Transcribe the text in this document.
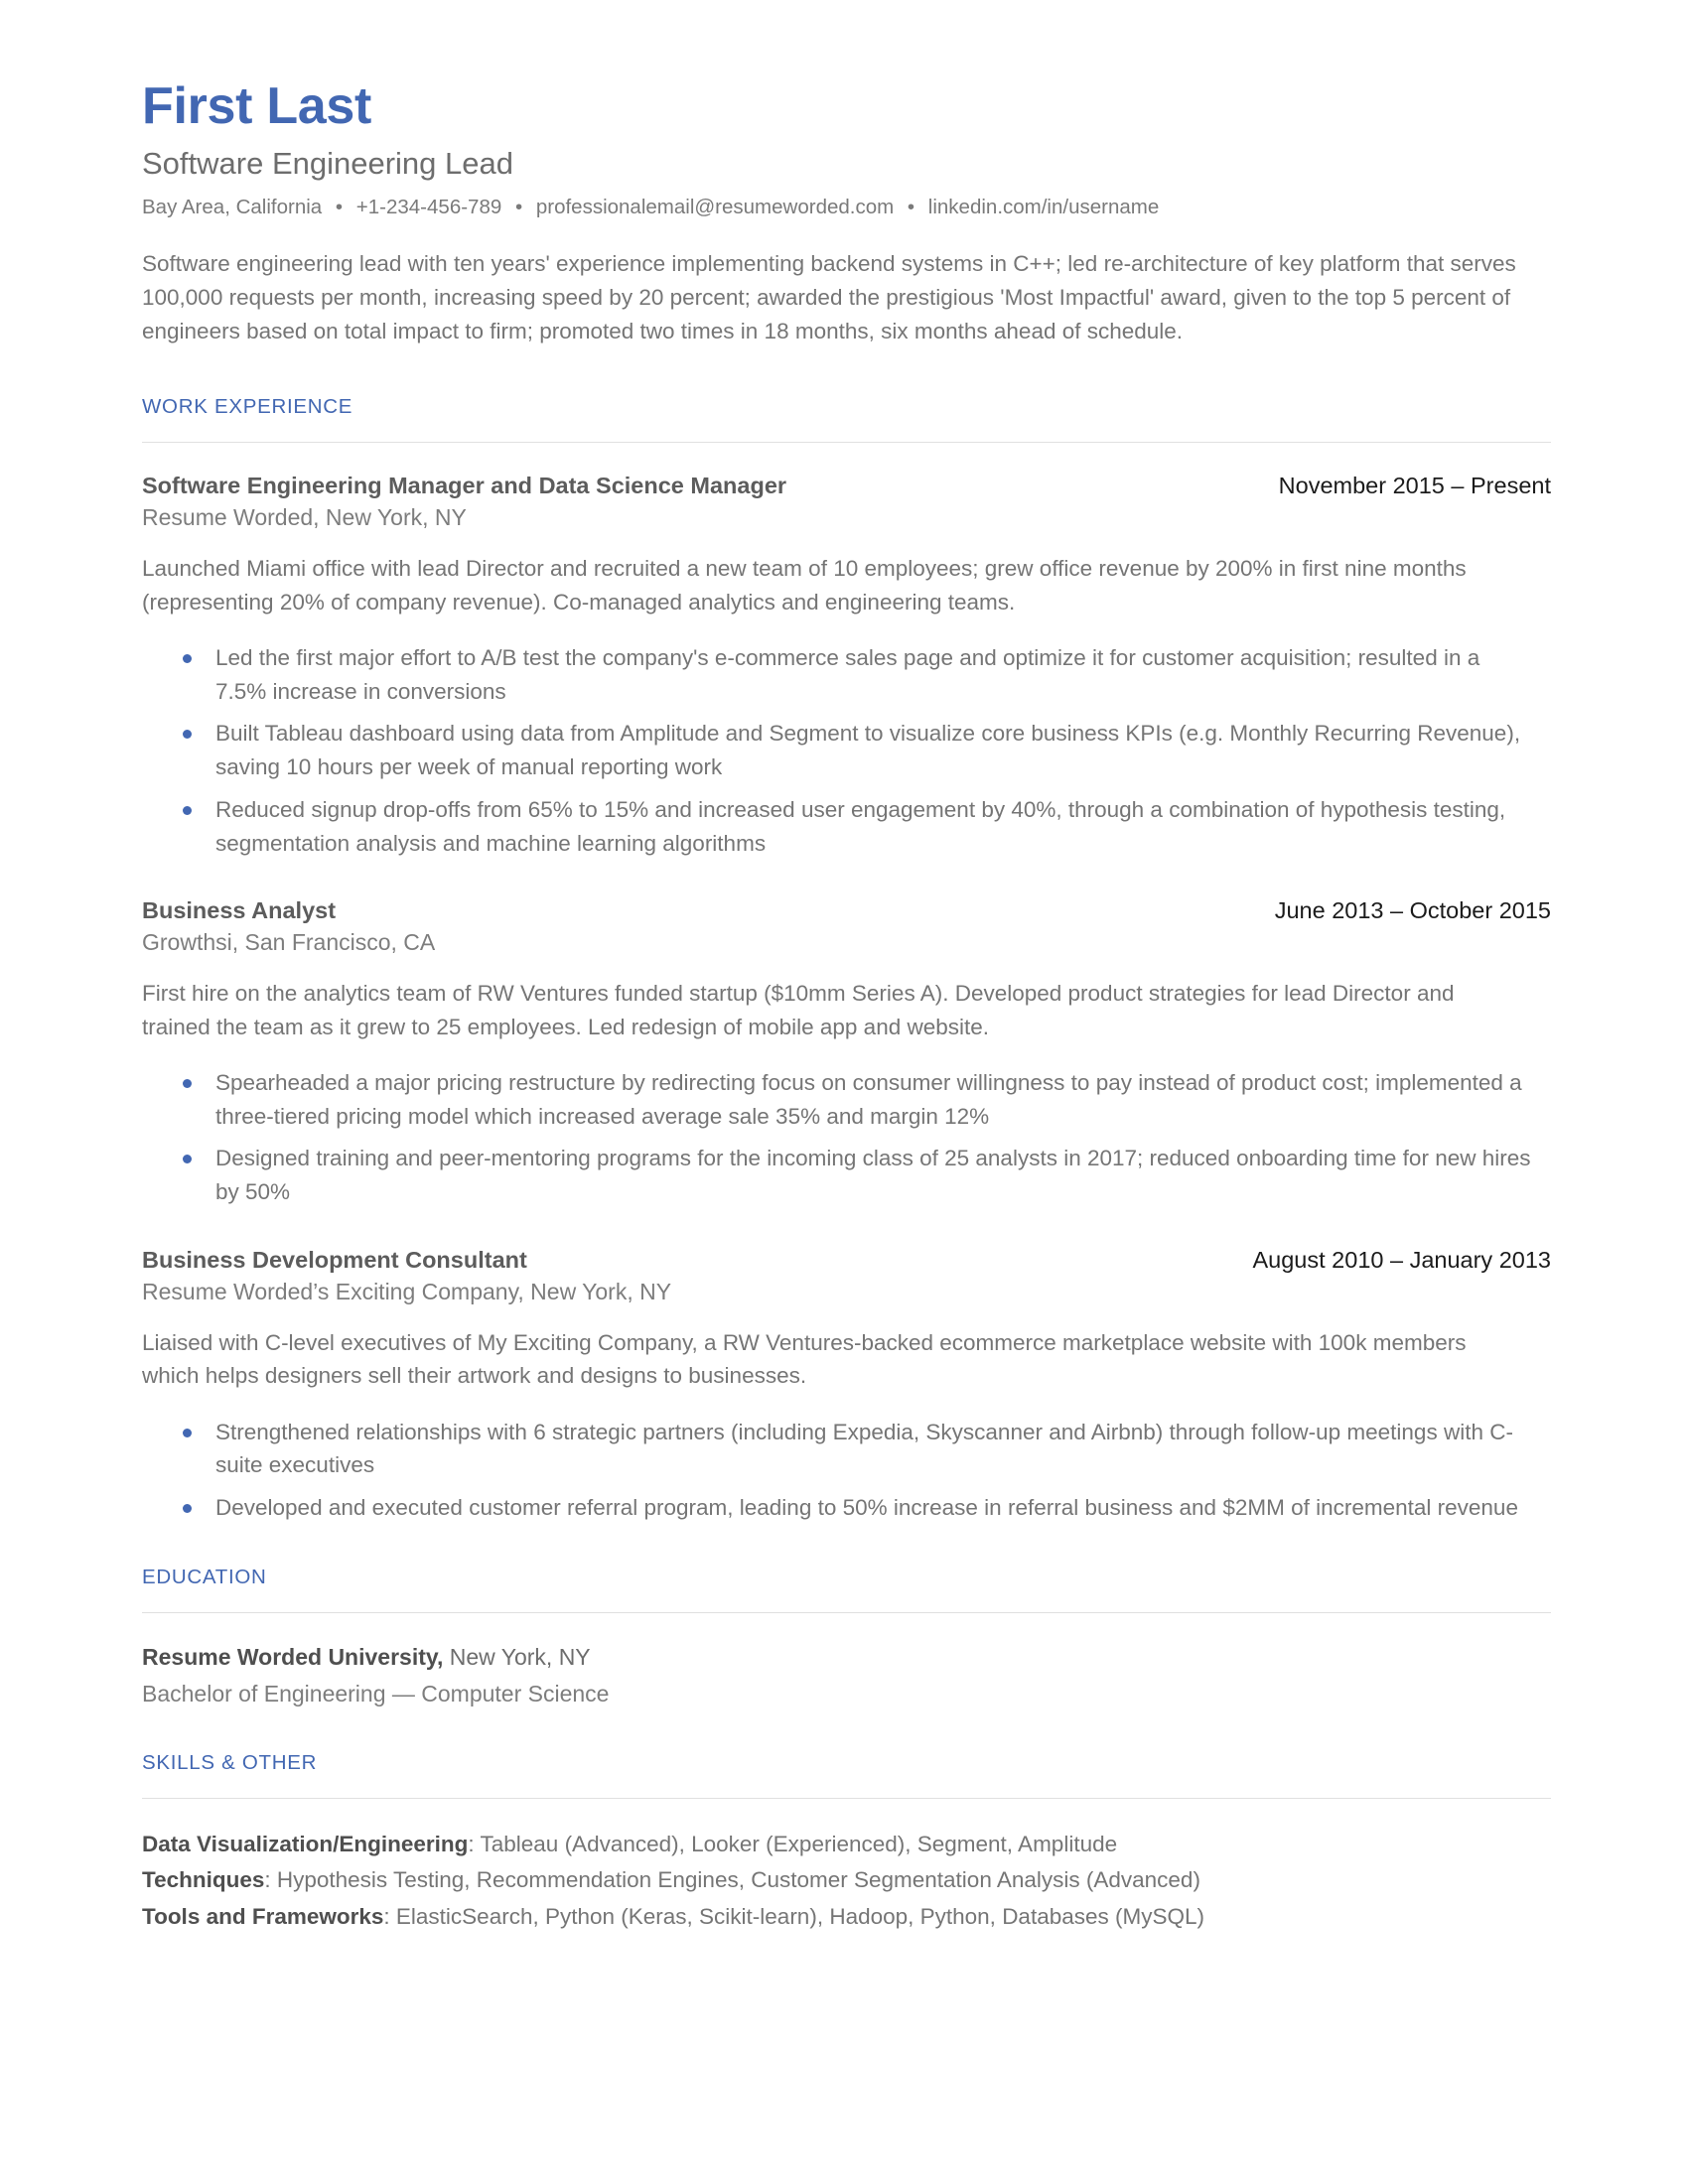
First Last
Software Engineering Lead
Bay Area, California • +1-234-456-789 • professionalemail@resumeworded.com • linkedin.com/in/username

Software engineering lead with ten years' experience implementing backend systems in C++; led re-architecture of key platform that serves 100,000 requests per month, increasing speed by 20 percent; awarded the prestigious 'Most Impactful' award, given to the top 5 percent of engineers based on total impact to firm; promoted two times in 18 months, six months ahead of schedule.

WORK EXPERIENCE
Software Engineering Manager and Data Science Manager	November 2015 – Present
Resume Worded, New York, NY

Launched Miami office with lead Director and recruited a new team of 10 employees; grew office revenue by 200% in first nine months (representing 20% of company revenue). Co-managed analytics and engineering teams.

Led the first major effort to A/B test the company's e-commerce sales page and optimize it for customer acquisition; resulted in a 7.5% increase in conversions
Built Tableau dashboard using data from Amplitude and Segment to visualize core business KPIs (e.g. Monthly Recurring Revenue), saving 10 hours per week of manual reporting work
Reduced signup drop-offs from 65% to 15% and increased user engagement by 40%, through a combination of hypothesis testing, segmentation analysis and machine learning algorithms
Business Analyst	June 2013 – October 2015
Growthsi, San Francisco, CA

First hire on the analytics team of RW Ventures funded startup ($10mm Series A). Developed product strategies for lead Director and trained the team as it grew to 25 employees. Led redesign of mobile app and website.

Spearheaded a major pricing restructure by redirecting focus on consumer willingness to pay instead of product cost; implemented a three-tiered pricing model which increased average sale 35% and margin 12%
Designed training and peer-mentoring programs for the incoming class of 25 analysts in 2017; reduced onboarding time for new hires by 50%
Business Development Consultant	August 2010 – January 2013
Resume Worded’s Exciting Company, New York, NY

Liaised with C-level executives of My Exciting Company, a RW Ventures-backed ecommerce marketplace website with 100k members which helps designers sell their artwork and designs to businesses.

Strengthened relationships with 6 strategic partners (including Expedia, Skyscanner and Airbnb) through follow-up meetings with C-suite executives
Developed and executed customer referral program, leading to 50% increase in referral business and $2MM of incremental revenue
EDUCATION
Resume Worded University, New York, NY
Bachelor of Engineering — Computer Science
SKILLS & OTHER
Data Visualization/Engineering: Tableau (Advanced), Looker (Experienced), Segment, Amplitude
Techniques: Hypothesis Testing, Recommendation Engines, Customer Segmentation Analysis (Advanced)
Tools and Frameworks: ElasticSearch, Python (Keras, Scikit-learn), Hadoop, Python, Databases (MySQL)
